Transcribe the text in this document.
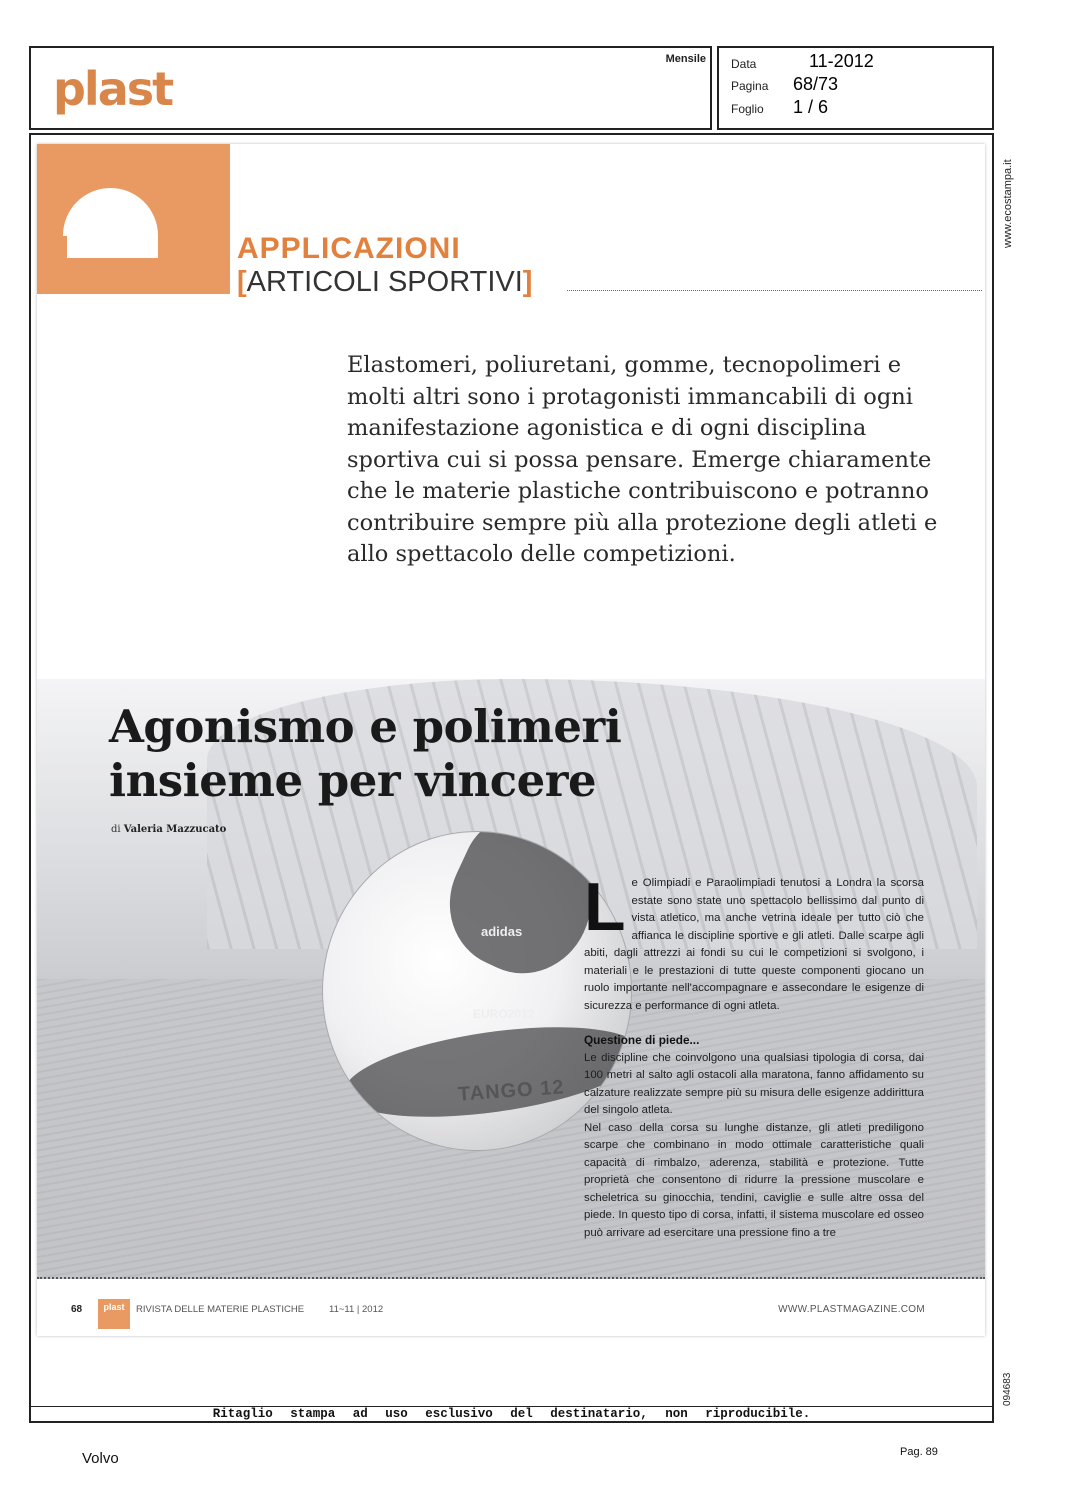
plast
Mensile Data	11-2012
Pagina 68/73
Foglio 1 / 6
www.ecostampa.it
094683
APPLICAZIONI
[ARTICOLI SPORTIVI]

Elastomeri, poliuretani, gomme, tecnopolimeri e molti altri sono i protagonisti immancabili di ogni manifestazione agonistica e di ogni disciplina sportiva cui si possa pensare. Emerge chiaramente che le materie plastiche contribuiscono e potranno contribuire sempre più alla protezione degli atleti e allo spettacolo delle competizioni.

adidas
EURO2012
TANGO 12
Agonismo e polimeri
insieme per vincere
di Valeria Mazzucato

Le Olimpiadi e Paraolimpiadi tenutosi a Londra la scorsa estate sono state uno spettacolo bellissimo dal punto di vista atletico, ma anche vetrina ideale per tutto ciò che affianca le discipline sportive e gli atleti. Dalle scarpe agli abiti, dagli attrezzi ai fondi su cui le competizioni si svolgono, i materiali e le prestazioni di tutte queste componenti giocano un ruolo importante nell'accompagnare e assecondare le esigenze di sicurezza e performance di ogni atleta.

Questione di piede...

Le discipline che coinvolgono una qualsiasi tipologia di corsa, dai 100 metri al salto agli ostacoli alla maratona, fanno affidamento su calzature realizzate sempre più su misura delle esigenze addirittura del singolo atleta.

Nel caso della corsa su lunghe distanze, gli atleti prediligono scarpe che combinano in modo ottimale caratteristiche quali capacità di rimbalzo, aderenza, stabilità e protezione. Tutte proprietà che consentono di ridurre la pressione muscolare e scheletrica su ginocchia, tendini, caviglie e sulle altre ossa del piede. In questo tipo di corsa, infatti, il sistema muscolare ed osseo può arrivare ad esercitare una pressione fino a tre

68	plast	RIVISTA DELLE MATERIE PLASTICHE	11~11 | 2012	WWW.PLASTMAGAZINE.COM
Ritaglio stampa ad uso esclusivo del destinatario, non riproducibile.
Volvo	Pag. 89
